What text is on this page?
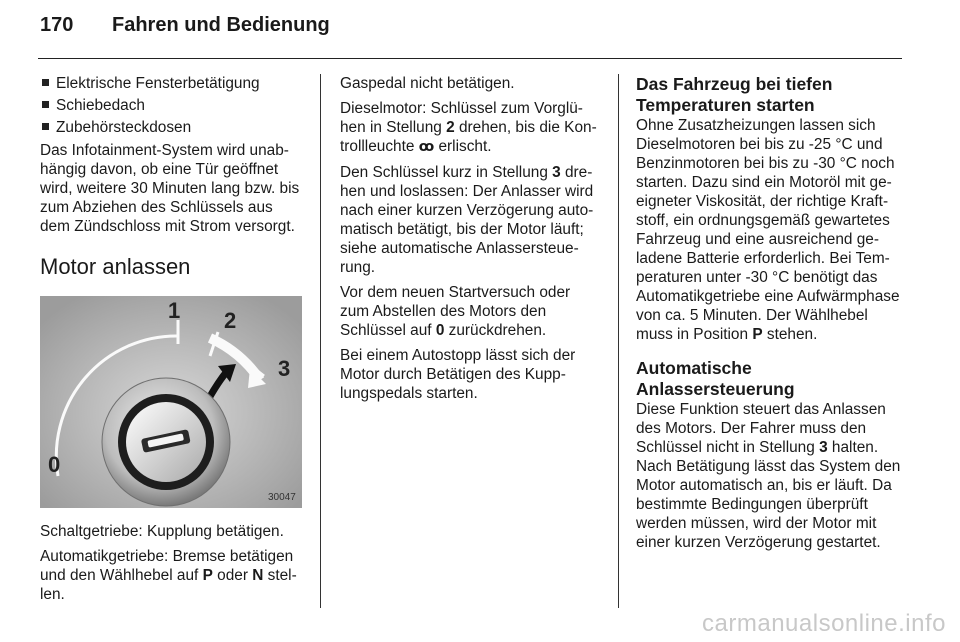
170 Fahren und Bedienung
Elektrische Fensterbetätigung
Schiebedach
Zubehörsteckdosen

Das Infotainment-System wird unabhängig davon, ob eine Tür geöffnet wird, weitere 30 Minuten lang bzw. bis zum Abziehen des Schlüssels aus dem Zündschloss mit Strom versorgt.

Motor anlassen
0
1 2
3
30047

Schaltgetriebe: Kupplung betätigen.

Automatikgetriebe: Bremse betätigen und den Wählhebel auf P oder N stellen.

Gaspedal nicht betätigen.

Dieselmotor: Schlüssel zum Vorglühen in Stellung 2 drehen, bis die Kontrollleuchte ꝏ erlischt.

Den Schlüssel kurz in Stellung 3 drehen und loslassen: Der Anlasser wird nach einer kurzen Verzögerung automatisch betätigt, bis der Motor läuft; siehe automatische Anlassersteuerung.

Vor dem neuen Startversuch oder zum Abstellen des Motors den Schlüssel auf 0 zurückdrehen.

Bei einem Autostopp lässt sich der Motor durch Betätigen des Kupplungspedals starten.

Das Fahrzeug bei tiefen Temperaturen starten

Ohne Zusatzheizungen lassen sich Dieselmotoren bei bis zu -25 °C und Benzinmotoren bei bis zu -30 °C noch starten. Dazu sind ein Motoröl mit geeigneter Viskosität, der richtige Kraftstoff, ein ordnungsgemäß gewartetes Fahrzeug und eine ausreichend geladene Batterie erforderlich. Bei Temperaturen unter -30 °C benötigt das Automatikgetriebe eine Aufwärmphase von ca. 5 Minuten. Der Wählhebel muss in Position P stehen.

Automatische Anlassersteuerung

Diese Funktion steuert das Anlassen des Motors. Der Fahrer muss den Schlüssel nicht in Stellung 3 halten. Nach Betätigung lässt das System den Motor automatisch an, bis er läuft. Da bestimmte Bedingungen überprüft werden müssen, wird der Motor mit einer kurzen Verzögerung gestartet.

carmanualsonline.info
